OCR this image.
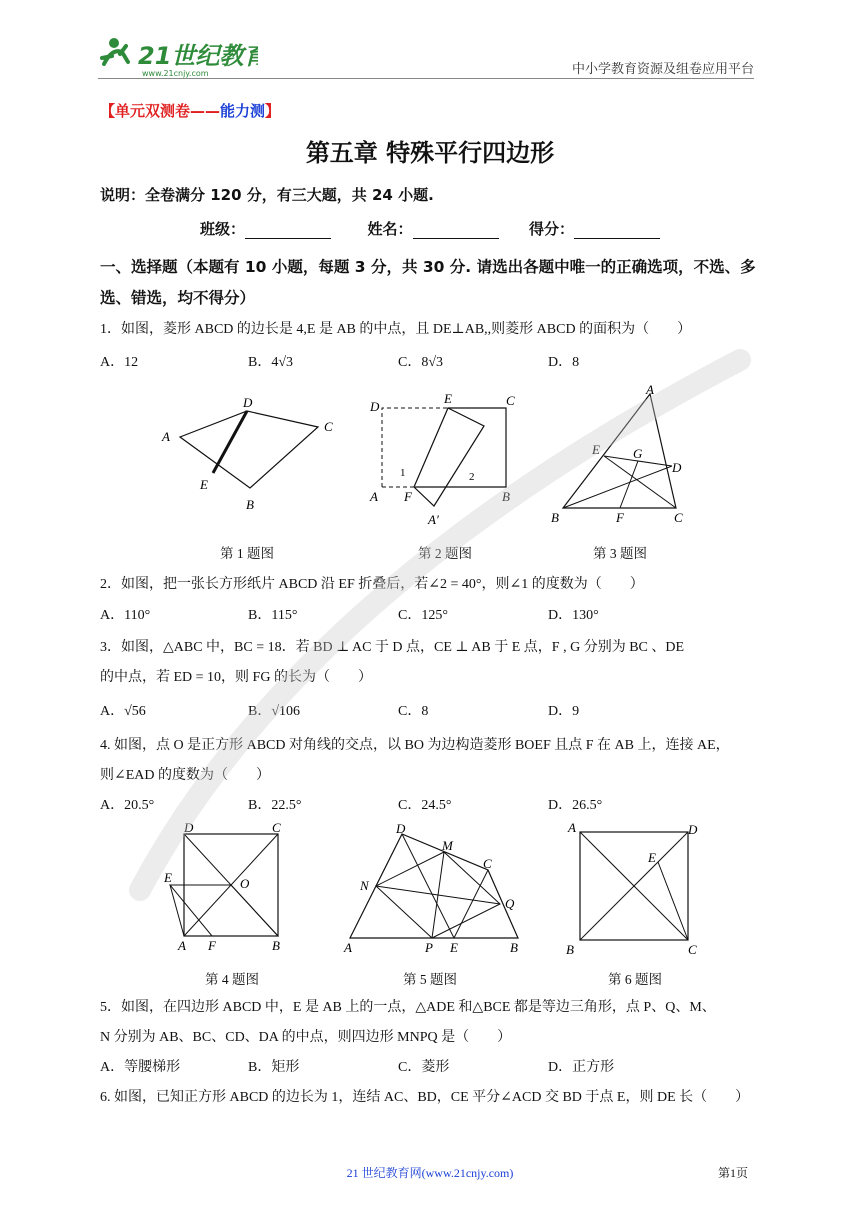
21世纪教育
www.21cnjy.com	中小学教育资源及组卷应用平台
【单元双测卷——能力测】
第五章 特殊平行四边形
说明：全卷满分 120 分，有三大题，共 24 小题.
班级：	姓名：	得分：
一、选择题（本题有 10 小题，每题 3 分，共 30 分. 请选出各题中唯一的正确选项，不选、多选、错选，均不得分）
1．如图，菱形 ABCD 的边长是 4,E 是 AB 的中点，且 DE⊥AB,,则菱形 ABCD 的面积为（　　）
A．12	B．4√3	C．8√3	D．8
A
D
C
B
E
D
E	C
A F	B
A′
1	2
A
E	G
D
B	F	C
第 1 题图	第 2 题图	第 3 题图
2．如图，把一张长方形纸片 ABCD 沿 EF 折叠后，若∠2 = 40°，则∠1 的度数为（　　）
A．110°	B．115°	C．125°	D．130°
3．如图，△ABC 中，BC = 18．若 BD ⊥ AC 于 D 点，CE ⊥ AB 于 E 点，F , G 分别为 BC 、DE
的中点，若 ED = 10，则 FG 的长为（　　）
A．√56	B．√106	C．8	D．9
4. 如图，点 O 是正方形 ABCD 对角线的交点，以 BO 为边构造菱形 BOEF 且点 F 在 AB 上，连接 AE，
则∠EAD 的度数为（　　）
A．20.5°	B．22.5°	C．24.5°	D．26.5°
D	C
E	O
A F	B
D
M
C
N
Q
A	P E	B
A	D
E
B	C
第 4 题图	第 5 题图	第 6 题图
5．如图，在四边形 ABCD 中，E 是 AB 上的一点，△ADE 和△BCE 都是等边三角形，点 P、Q、M、
N 分别为 AB、BC、CD、DA 的中点，则四边形 MNPQ 是（　　）
A．等腰梯形	B．矩形	C．菱形	D．正方形
6. 如图，已知正方形 ABCD 的边长为 1，连结 AC、BD，CE 平分∠ACD 交 BD 于点 E，则 DE 长（　　）
21 世纪教育网(www.21cnjy.com)	第1页
